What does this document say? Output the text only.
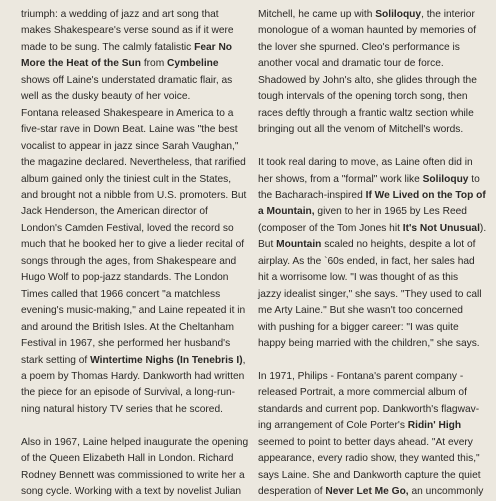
triumph: a wedding of jazz and art song that
makes Shakespeare's verse sound as if it were
made to be sung. The calmly fatalistic Fear No
More the Heat of the Sun from Cymbeline
shows off Laine's understated dramatic flair, as
well as the dusky beauty of her voice.
Fontana released Shakespeare in America to a
five-star rave in Down Beat. Laine was "the best
vocalist to appear in jazz since Sarah Vaughan,"
the magazine declared. Nevertheless, that rarified
album gained only the tiniest cult in the States,
and brought not a nibble from U.S. promoters. But
Jack Henderson, the American director of
London's Camden Festival, loved the record so
much that he booked her to give a lieder recital of
songs through the ages, from Shakespeare and
Hugo Wolf to pop-jazz standards. The London
Times called that 1966 concert "a matchless
evening's music-making," and Laine repeated it in
and around the British Isles. At the Cheltanham
Festival in 1967, she performed her husband's
stark setting of Wintertime Nighs (In Tenebris I),
a poem by Thomas Hardy. Dankworth had written
the piece for an episode of Survival, a long-run-
ning natural history TV series that he scored.
Also in 1967, Laine helped inaugurate the opening
of the Queen Elizabeth Hall in London. Richard
Rodney Bennett was commissioned to write her a
song cycle. Working with a text by novelist Julian
Mitchell, he came up with Soliloquy, the interior
monologue of a woman haunted by memories of
the lover she spurned. Cleo's performance is
another vocal and dramatic tour de force.
Shadowed by John's alto, she glides through the
tough intervals of the opening torch song, then
races deftly through a frantic waltz section while
bringing out all the venom of Mitchell's words.
It took real daring to move, as Laine often did in
her shows, from a "formal" work like Soliloquy to
the Bacharach-inspired If We Lived on the Top of
a Mountain, given to her in 1965 by Les Reed
(composer of the Tom Jones hit It's Not Unusual).
But Mountain scaled no heights, despite a lot of
airplay. As the `60s ended, in fact, her sales had
hit a worrisome low. "I was thought of as this
jazzy idealist singer," she says. "They used to call
me Arty Laine." But she wasn't too concerned
with pushing for a bigger career: "I was quite
happy being married with the children," she says.
In 1971, Philips - Fontana's parent company -
released Portrait, a more commercial album of
standards and current pop. Dankworth's flagwav-
ing arrangement of Cole Porter's Ridin' High
seemed to point to better days ahead. "At every
appearance, every radio show, they wanted this,"
says Laine. She and Dankworth capture the quiet
desperation of Never Let Me Go, an uncommonly
